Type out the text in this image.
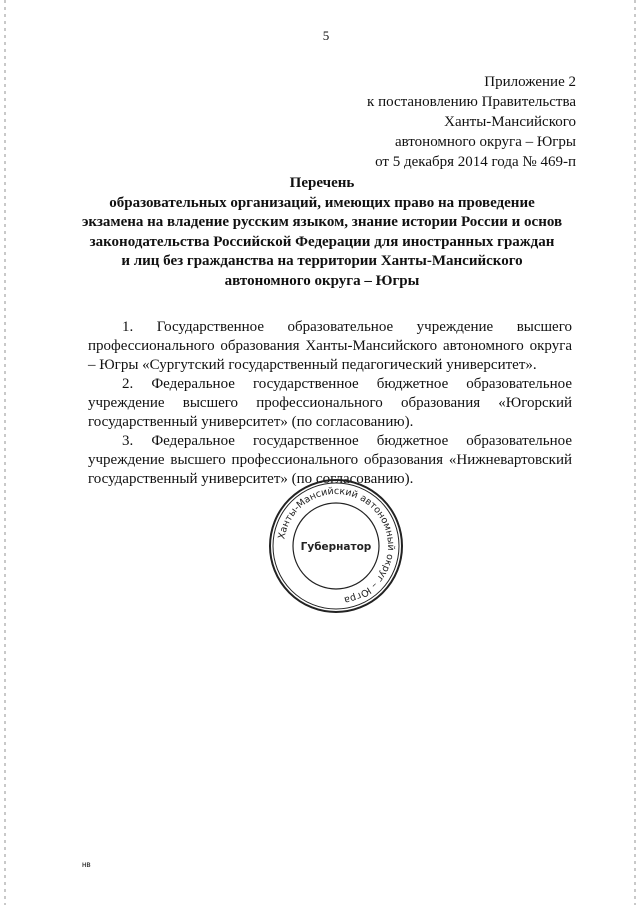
5
Приложение 2
к постановлению Правительства
Ханты-Мансийского
автономного округа – Югры
от 5 декабря 2014 года № 469-п
Перечень
образовательных организаций, имеющих право на проведение
экзамена на владение русским языком, знание истории России и основ
законодательства Российской Федерации для иностранных граждан
и лиц без гражданства на территории Ханты-Мансийского
автономного округа – Югры

1. Государственное образовательное учреждение высшего профессионального образования Ханты-Мансийского автономного округа – Югры «Сургутский государственный педагогический университет».

2. Федеральное государственное бюджетное образовательное учреждение высшего профессионального образования «Югорский государственный университет» (по согласованию).

3. Федеральное государственное бюджетное образовательное учреждение высшего профессионального образования «Нижневартовский государственный университет» (по согласованию).

Ханты-Мансийский автономный округ – Югра
Губернатор
нв
